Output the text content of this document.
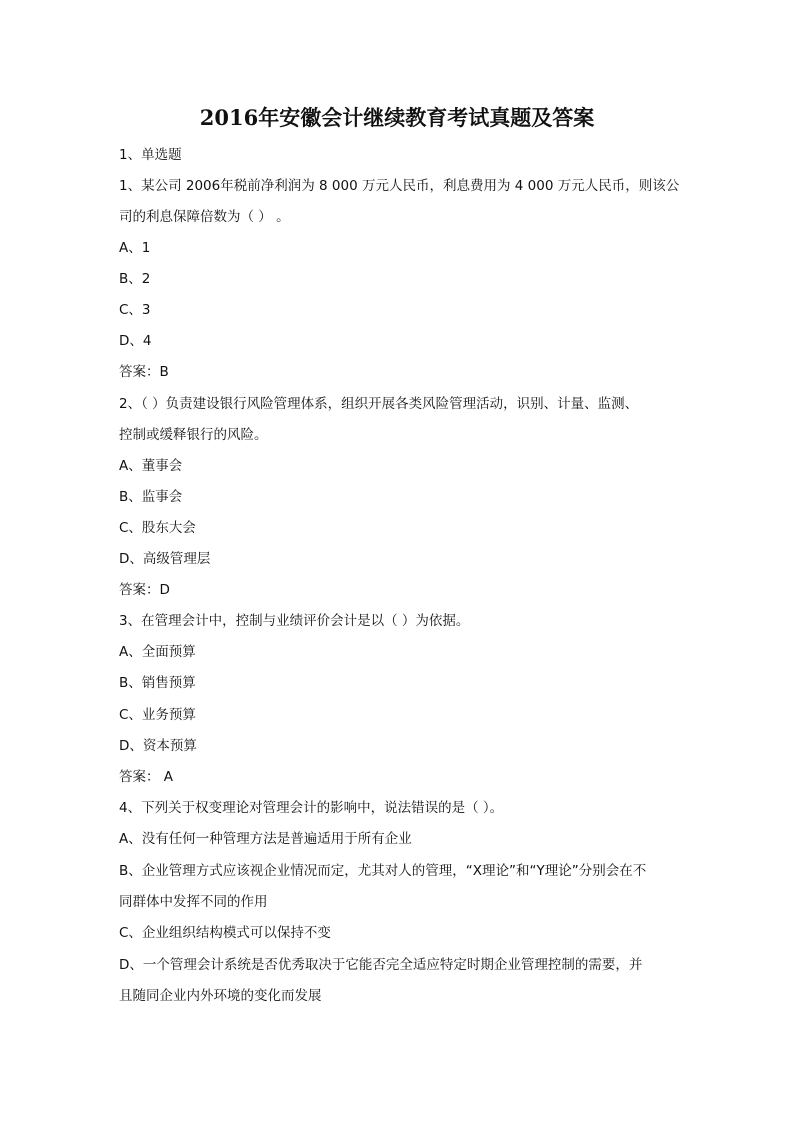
2016年安徽会计继续教育考试真题及答案
1、单选题
1、某公司 2006年税前净利润为 8 000 万元人民币，利息费用为 4 000 万元人民币，则该公
司的利息保障倍数为（ ） 。
A、1
B、2
C、3
D、4
答案：B
2、（ ）负责建设银行风险管理体系，组织开展各类风险管理活动，识别、计量、监测、
控制或缓释银行的风险。
A、董事会
B、监事会
C、股东大会
D、高级管理层
答案：D
3、在管理会计中，控制与业绩评价会计是以（ ）为依据。
A、全面预算
B、销售预算
C、业务预算
D、资本预算
答案： A
4、下列关于权变理论对管理会计的影响中，说法错误的是（ ）。
A、没有任何一种管理方法是普遍适用于所有企业
B、企业管理方式应该视企业情况而定，尤其对人的管理，“X理论”和“Y理论”分别会在不
同群体中发挥不同的作用
C、企业组织结构模式可以保持不变
D、一个管理会计系统是否优秀取决于它能否完全适应特定时期企业管理控制的需要，并
且随同企业内外环境的变化而发展
